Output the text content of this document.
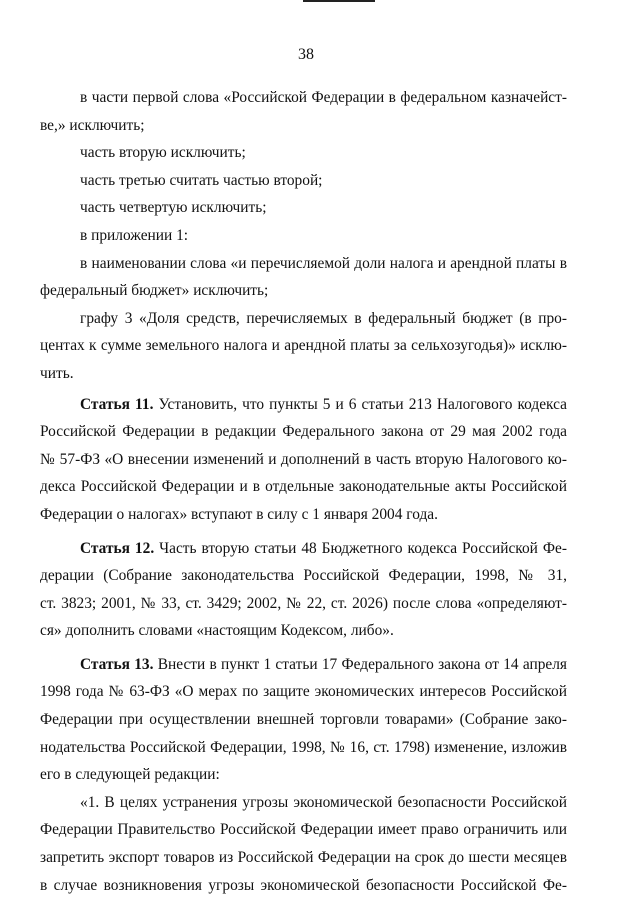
38
в части первой слова «Российской Федерации в федеральном казначейст-
ве,» исключить;
часть вторую исключить;
часть третью считать частью второй;
часть четвертую исключить;
в приложении 1:
в наименовании слова «и перечисляемой доли налога и арендной платы в
федеральный бюджет» исключить;
графу 3 «Доля средств, перечисляемых в федеральный бюджет (в про-
центах к сумме земельного налога и арендной платы за сельхозугодья)» исклю-
чить.
Статья 11. Установить, что пункты 5 и 6 статьи 213 Налогового кодекса
Российской Федерации в редакции Федерального закона от 29 мая 2002 года
№ 57-ФЗ «О внесении изменений и дополнений в часть вторую Налогового ко-
декса Российской Федерации и в отдельные законодательные акты Российской
Федерации о налогах» вступают в силу с 1 января 2004 года.
Статья 12. Часть вторую статьи 48 Бюджетного кодекса Российской Фе-
дерации (Собрание законодательства Российской Федерации, 1998, № 31,
ст. 3823; 2001, № 33, ст. 3429; 2002, № 22, ст. 2026) после слова «определяют-
ся» дополнить словами «настоящим Кодексом, либо».
Статья 13. Внести в пункт 1 статьи 17 Федерального закона от 14 апреля
1998 года № 63-ФЗ «О мерах по защите экономических интересов Российской
Федерации при осуществлении внешней торговли товарами» (Собрание зако-
нодательства Российской Федерации, 1998, № 16, ст. 1798) изменение, изложив
его в следующей редакции:
«1. В целях устранения угрозы экономической безопасности Российской
Федерации Правительство Российской Федерации имеет право ограничить или
запретить экспорт товаров из Российской Федерации на срок до шести месяцев
в случае возникновения угрозы экономической безопасности Российской Фе-
